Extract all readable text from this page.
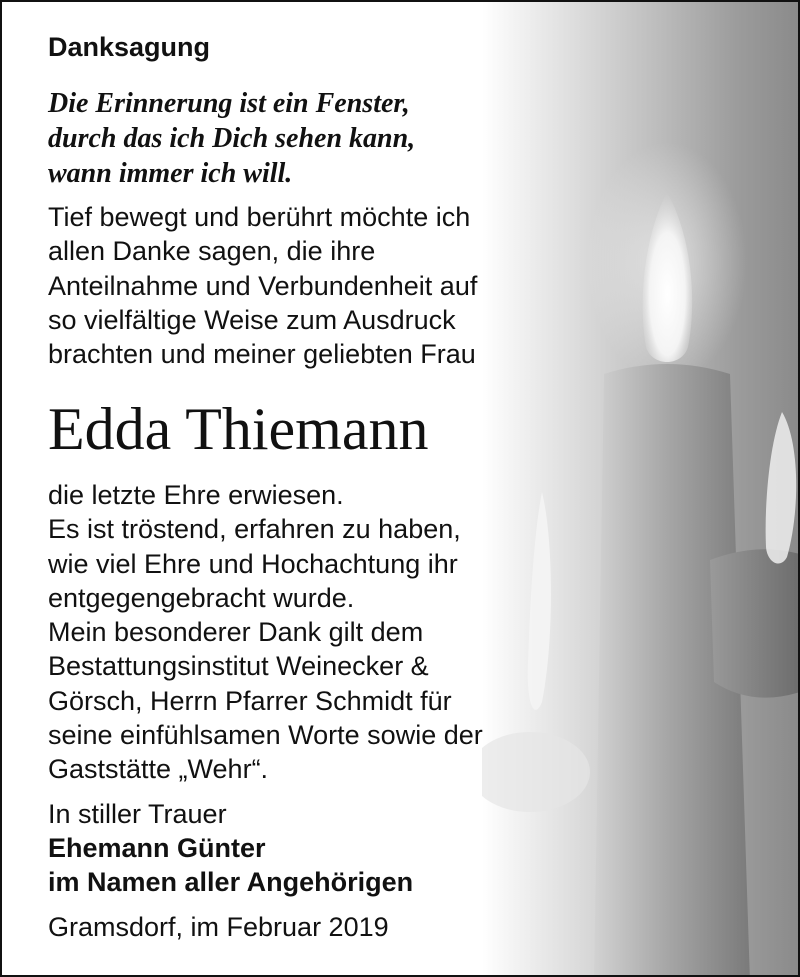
Danksagung
Die Erinnerung ist ein Fenster,
durch das ich Dich sehen kann,
wann immer ich will.
Tief bewegt und berührt möchte ich
allen Danke sagen, die ihre
Anteilnahme und Verbundenheit auf
so vielfältige Weise zum Ausdruck
brachten und meiner geliebten Frau
Edda Thiemann
die letzte Ehre erwiesen.
Es ist tröstend, erfahren zu haben,
wie viel Ehre und Hochachtung ihr
entgegengebracht wurde.
Mein besonderer Dank gilt dem
Bestattungsinstitut Weinecker &
Görsch, Herrn Pfarrer Schmidt für
seine einfühlsamen Worte sowie der
Gaststätte „Wehr“.
In stiller Trauer
Ehemann Günter
im Namen aller Angehörigen
Gramsdorf, im Februar 2019
